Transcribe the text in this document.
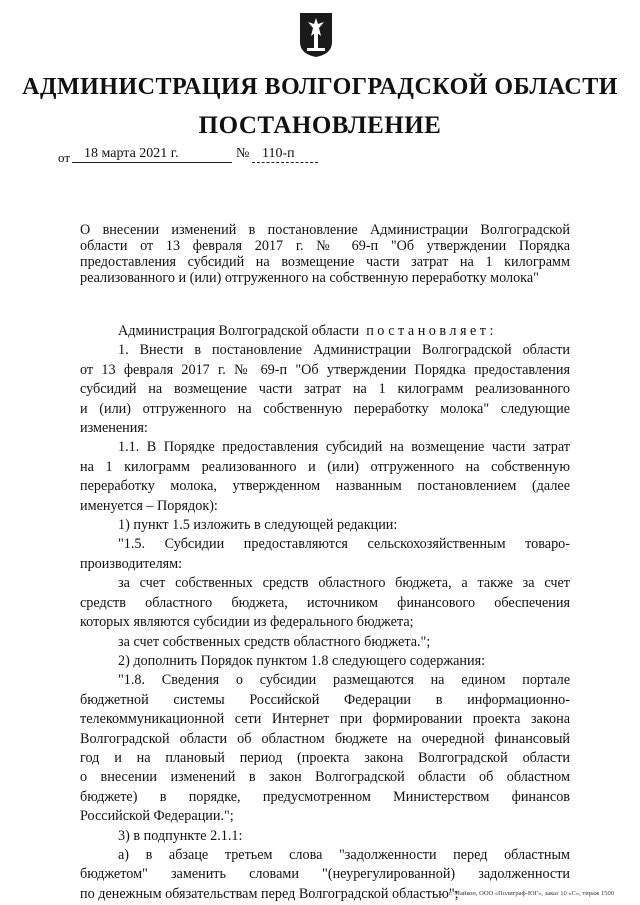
АДМИНИСТРАЦИЯ ВОЛГОГРАДСКОЙ ОБЛАСТИ
ПОСТАНОВЛЕНИЕ
от 18 марта 2021 г.	№ 110-п
О внесении изменений в постановление Администрации Волгоградской
области от 13 февраля 2017 г. № 69-п "Об утверждении Порядка
предоставления субсидий на возмещение части затрат на 1 килограмм
реализованного и (или) отгруженного на собственную переработку молока"
Администрация Волгоградской области постановляет:
1. Внести в постановление Администрации Волгоградской области
от 13 февраля 2017 г. № 69-п "Об утверждении Порядка предоставления
субсидий на возмещение части затрат на 1 килограмм реализованного
и (или) отгруженного на собственную переработку молока" следующие
изменения:
1.1. В Порядке предоставления субсидий на возмещение части затрат
на 1 килограмм реализованного и (или) отгруженного на собственную
переработку молока, утвержденном названным постановлением (далее
именуется – Порядок):
1) пункт 1.5 изложить в следующей редакции:
"1.5. Субсидии предоставляются сельскохозяйственным товаро-
производителям:
за счет собственных средств областного бюджета, а также за счет
средств областного бюджета, источником финансового обеспечения
которых являются субсидии из федерального бюджета;
за счет собственных средств областного бюджета.";
2) дополнить Порядок пунктом 1.8 следующего содержания:
"1.8. Сведения о субсидии размещаются на едином портале
бюджетной системы Российской Федерации в информационно-
телекоммуникационной сети Интернет при формировании проекта закона
Волгоградской области об областном бюджете на очередной финансовый
год и на плановый период (проекта закона Волгоградской области
о внесении изменений в закон Волгоградской области об областном
бюджете) в порядке, предусмотренном Министерством финансов
Российской Федерации.";
3) в подпункте 2.1.1:
а) в абзаце третьем слова "задолженности перед областным
бюджетом" заменить словами "(неурегулированной) задолженности
по денежным обязательствам перед Волгоградской областью";
г. Майкоп, ООО «Полиграф-ЮГ», заказ 10 «С», тираж 1500
